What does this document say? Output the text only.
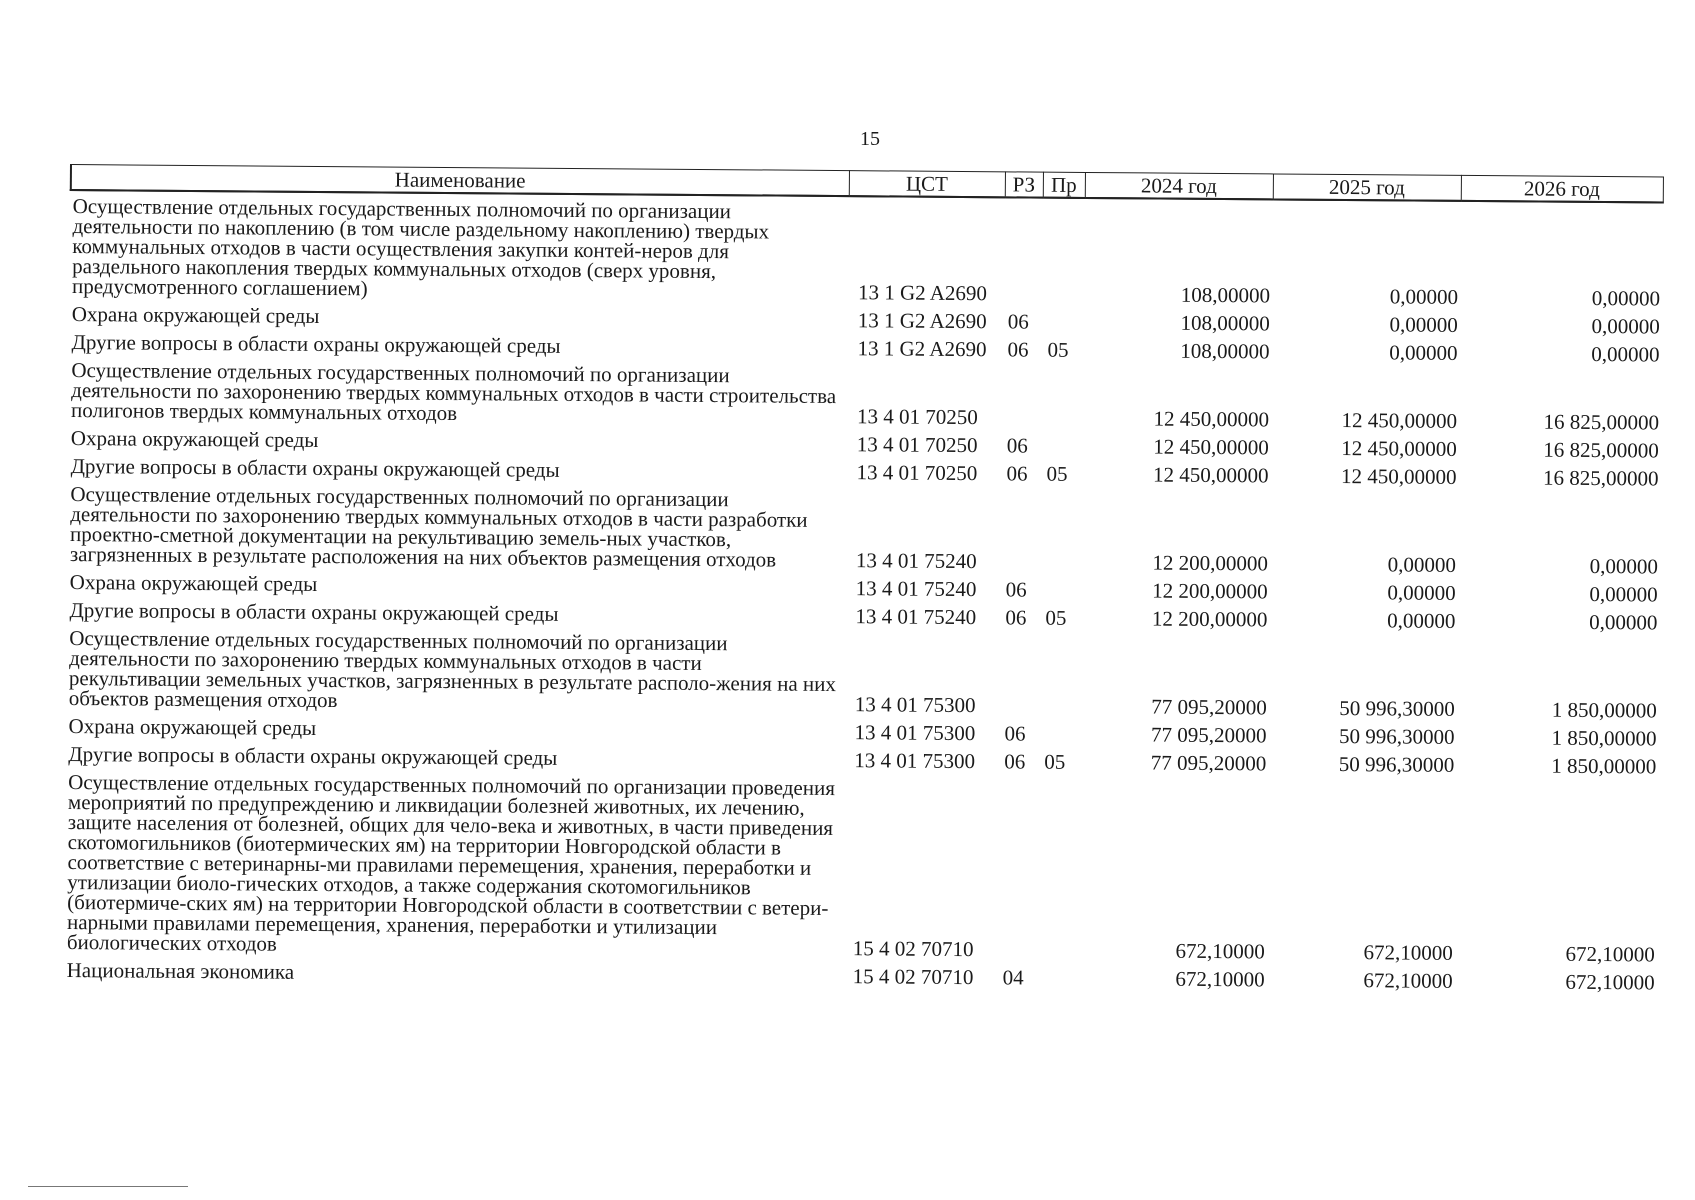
15
Наименование	ЦСТ	РЗ	Пр	2024 год	2025 год	2026 год
Осуществление отдельных государственных полномочий по организации деятельности по накоплению (в том числе раздельному накоплению) твердых коммунальных отходов в части осуществления закупки контей-неров для раздельного накопления твердых коммунальных отходов (сверх уровня, предусмотренного соглашением)	13 1 G2 A2690			108,00000	0,00000	0,00000
Охрана окружающей среды	13 1 G2 A2690	06		108,00000	0,00000	0,00000
Другие вопросы в области охраны окружающей среды	13 1 G2 A2690	06	05	108,00000	0,00000	0,00000
Осуществление отдельных государственных полномочий по организации деятельности по захоронению твердых коммунальных отходов в части строительства полигонов твердых коммунальных отходов	13 4 01 70250			12 450,00000	12 450,00000	16 825,00000
Охрана окружающей среды	13 4 01 70250	06		12 450,00000	12 450,00000	16 825,00000
Другие вопросы в области охраны окружающей среды	13 4 01 70250	06	05	12 450,00000	12 450,00000	16 825,00000
Осуществление отдельных государственных полномочий по организации деятельности по захоронению твердых коммунальных отходов в части разработки проектно-сметной документации на рекультивацию земель-ных участков, загрязненных в результате расположения на них объектов размещения отходов	13 4 01 75240			12 200,00000	0,00000	0,00000
Охрана окружающей среды	13 4 01 75240	06		12 200,00000	0,00000	0,00000
Другие вопросы в области охраны окружающей среды	13 4 01 75240	06	05	12 200,00000	0,00000	0,00000
Осуществление отдельных государственных полномочий по организации деятельности по захоронению твердых коммунальных отходов в части рекультивации земельных участков, загрязненных в результате располо-жения на них объектов размещения отходов	13 4 01 75300			77 095,20000	50 996,30000	1 850,00000
Охрана окружающей среды	13 4 01 75300	06		77 095,20000	50 996,30000	1 850,00000
Другие вопросы в области охраны окружающей среды	13 4 01 75300	06	05	77 095,20000	50 996,30000	1 850,00000
Осуществление отдельных государственных полномочий по организации проведения мероприятий по предупреждению и ликвидации болезней животных, их лечению, защите населения от болезней, общих для чело-века и животных, в части приведения скотомогильников (биотермических ям) на территории Новгородской области в соответствие с ветеринарны-ми правилами перемещения, хранения, переработки и утилизации биоло-гических отходов, а также содержания скотомогильников (биотермиче-ских ям) на территории Новгородской области в соответствии с ветери-нарными правилами перемещения, хранения, переработки и утилизации биологических отходов	15 4 02 70710			672,10000	672,10000	672,10000
Национальная экономика	15 4 02 70710	04		672,10000	672,10000	672,10000
